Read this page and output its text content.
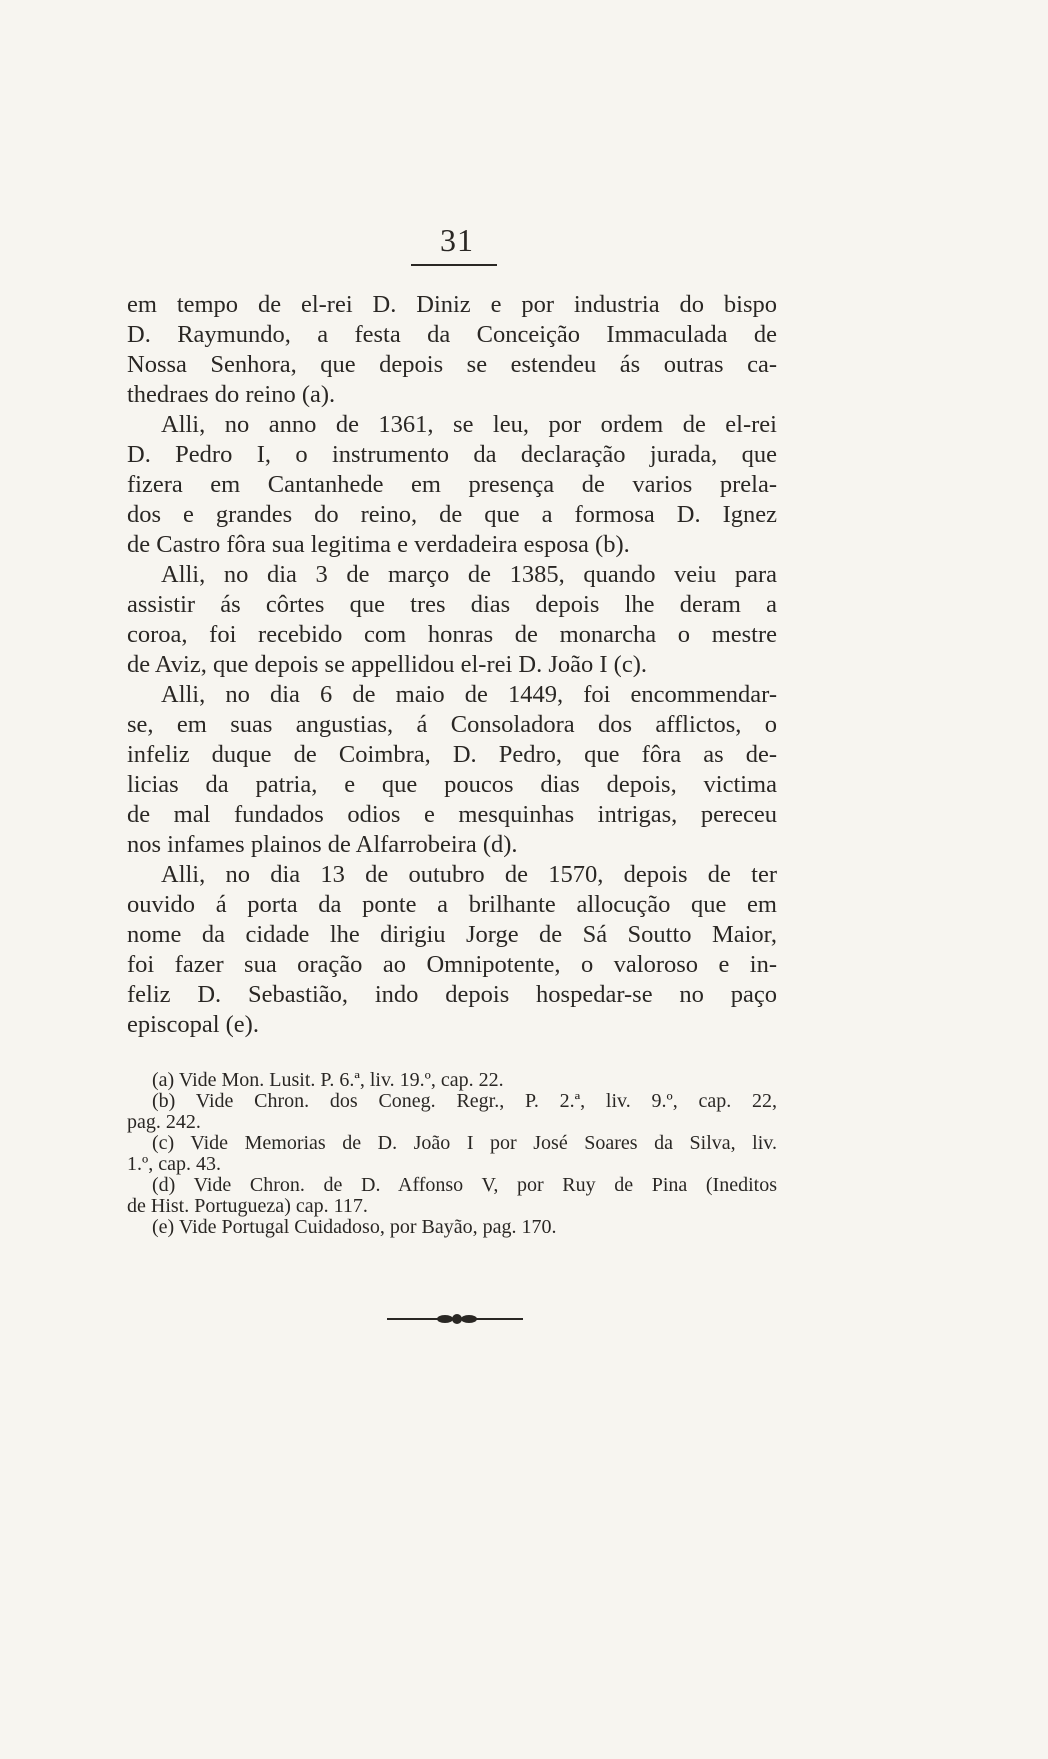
31
em tempo de el-rei D. Diniz e por industria do bispo
D. Raymundo, a festa da Conceição Immaculada de
Nossa Senhora, que depois se estendeu ás outras ca-
thedraes do reino (a).
Alli, no anno de 1361, se leu, por ordem de el-rei
D. Pedro I, o instrumento da declaração jurada, que
fizera em Cantanhede em presença de varios prela-
dos e grandes do reino, de que a formosa D. Ignez
de Castro fôra sua legitima e verdadeira esposa (b).
Alli, no dia 3 de março de 1385, quando veiu para
assistir ás côrtes que tres dias depois lhe deram a
coroa, foi recebido com honras de monarcha o mestre
de Aviz, que depois se appellidou el-rei D. João I (c).
Alli, no dia 6 de maio de 1449, foi encommendar-
se, em suas angustias, á Consoladora dos afflictos, o
infeliz duque de Coimbra, D. Pedro, que fôra as de-
licias da patria, e que poucos dias depois, victima
de mal fundados odios e mesquinhas intrigas, pereceu
nos infames plainos de Alfarrobeira (d).
Alli, no dia 13 de outubro de 1570, depois de ter
ouvido á porta da ponte a brilhante allocução que em
nome da cidade lhe dirigiu Jorge de Sá Soutto Maior,
foi fazer sua oração ao Omnipotente, o valoroso e in-
feliz D. Sebastião, indo depois hospedar-se no paço
episcopal (e).
(a) Vide Mon. Lusit. P. 6.ª, liv. 19.º, cap. 22.
(b) Vide Chron. dos Coneg. Regr., P. 2.ª, liv. 9.º, cap. 22,
pag. 242.
(c) Vide Memorias de D. João I por José Soares da Silva, liv.
1.º, cap. 43.
(d) Vide Chron. de D. Affonso V, por Ruy de Pina (Ineditos
de Hist. Portugueza) cap. 117.
(e) Vide Portugal Cuidadoso, por Bayão, pag. 170.
